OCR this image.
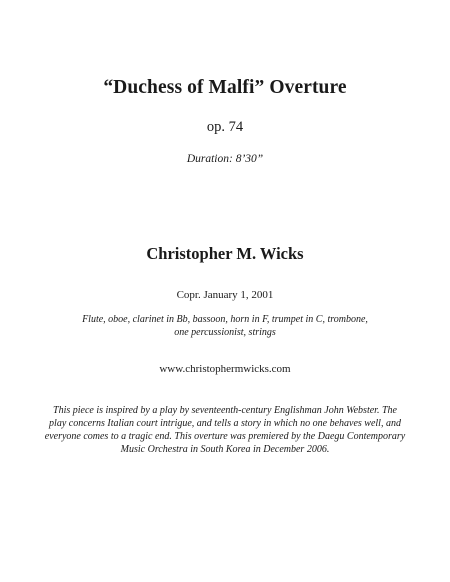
“Duchess of Malfi” Overture
op. 74
Duration: 8’30”
Christopher M. Wicks
Copr. January 1, 2001
Flute, oboe, clarinet in Bb, bassoon, horn in F, trumpet in C, trombone,
one percussionist, strings
www.christophermwicks.com
This piece is inspired by a play by seventeenth-century Englishman John Webster. The
play concerns Italian court intrigue, and tells a story in which no one behaves well, and
everyone comes to a tragic end. This overture was premiered by the Daegu Contemporary
Music Orchestra in South Korea in December 2006.
